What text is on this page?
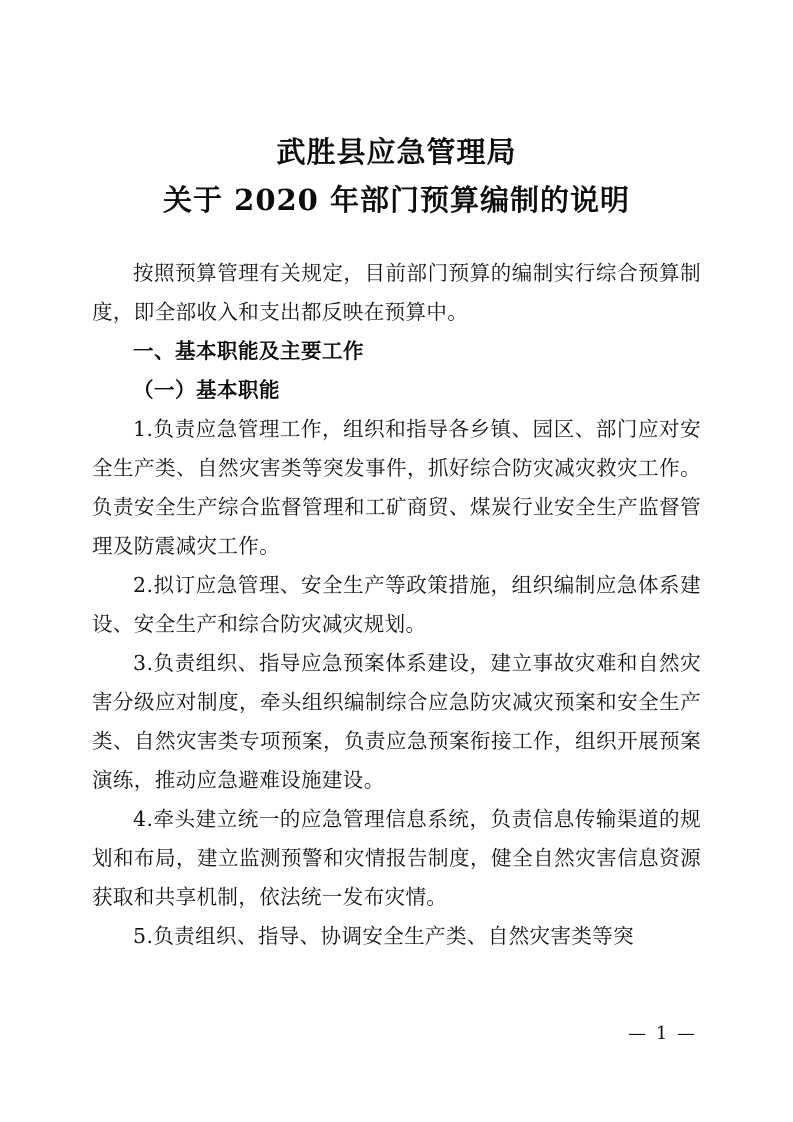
武胜县应急管理局
关于 2020 年部门预算编制的说明

按照预算管理有关规定，目前部门预算的编制实行综合预算制度，即全部收入和支出都反映在预算中。

一、基本职能及主要工作

（一）基本职能

1.负责应急管理工作，组织和指导各乡镇、园区、部门应对安全生产类、自然灾害类等突发事件，抓好综合防灾减灾救灾工作。负责安全生产综合监督管理和工矿商贸、煤炭行业安全生产监督管理及防震减灾工作。

2.拟订应急管理、安全生产等政策措施，组织编制应急体系建设、安全生产和综合防灾减灾规划。

3.负责组织、指导应急预案体系建设，建立事故灾难和自然灾害分级应对制度，牵头组织编制综合应急防灾减灾预案和安全生产类、自然灾害类专项预案，负责应急预案衔接工作，组织开展预案演练，推动应急避难设施建设。

4.牵头建立统一的应急管理信息系统，负责信息传输渠道的规划和布局，建立监测预警和灾情报告制度，健全自然灾害信息资源获取和共享机制，依法统一发布灾情。

5.负责组织、指导、协调安全生产类、自然灾害类等突

— 1 —
